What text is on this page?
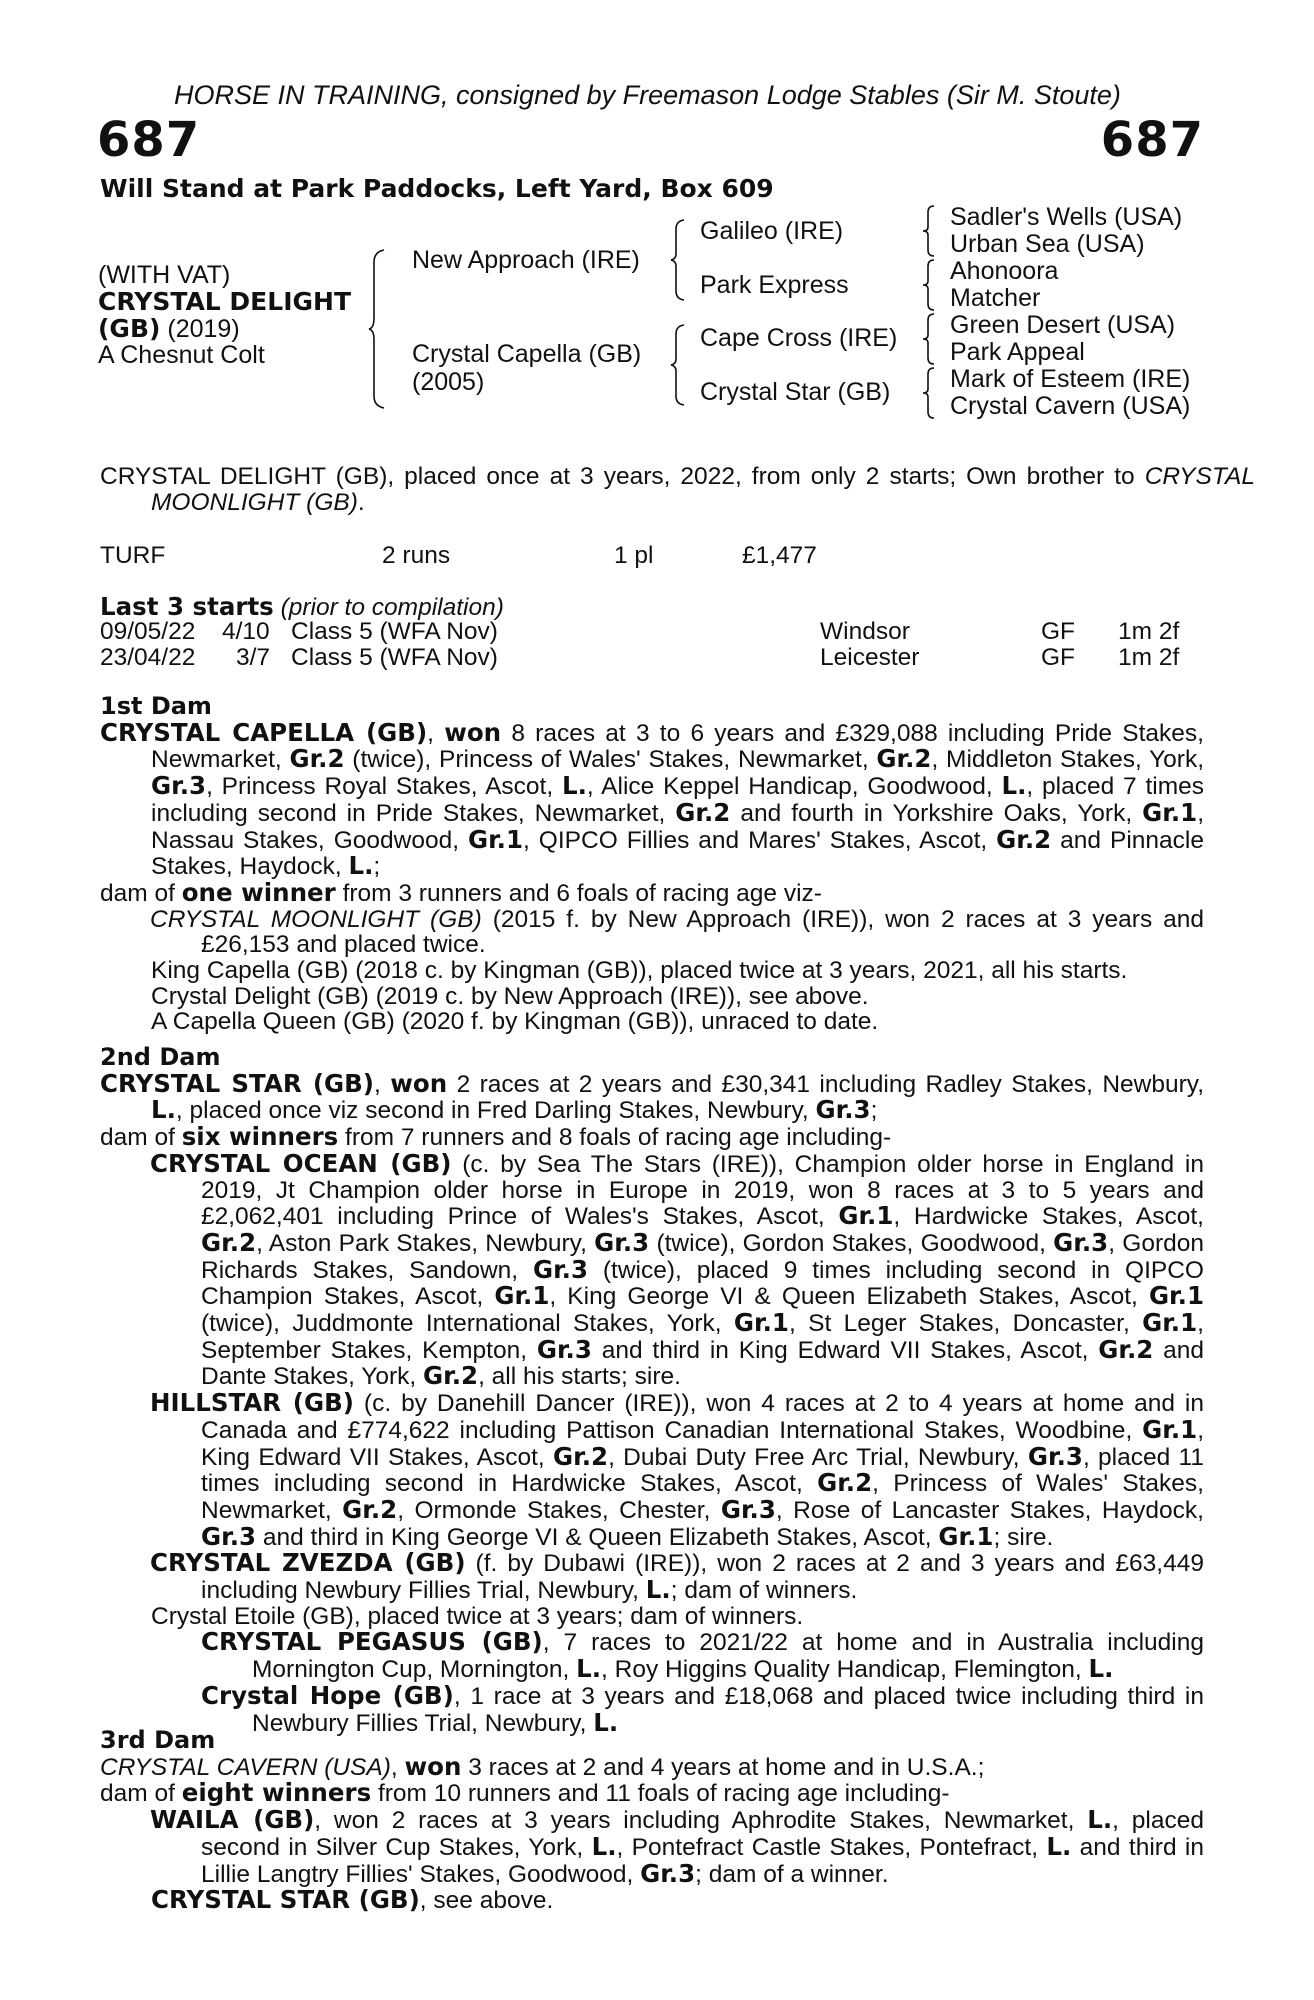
HORSE IN TRAINING, consigned by Freemason Lodge Stables (Sir M. Stoute)
687	687
Will Stand at Park Paddocks, Left Yard, Box 609
(WITH VAT)
CRYSTAL DELIGHT
(GB) (2019)
A Chesnut Colt
New Approach (IRE)
Crystal Capella (GB)
(2005)
Galileo (IRE)
Park Express
Cape Cross (IRE)
Crystal Star (GB)
Sadler's Wells (USA)
Urban Sea (USA)
Ahonoora
Matcher
Green Desert (USA)
Park Appeal
Mark of Esteem (IRE)
Crystal Cavern (USA)
CRYSTAL DELIGHT (GB), placed once at 3 years, 2022, from only 2 starts; Own brother to CRYSTAL MOONLIGHT (GB).
TURF	2 runs	1 pl	£1,477
Last 3 starts (prior to compilation)
09/05/22 4/10 Class 5 (WFA Nov)	Windsor	GF 1m 2f
23/04/22 3/7 Class 5 (WFA Nov)	Leicester	GF 1m 2f
1st Dam
CRYSTAL CAPELLA (GB), won 8 races at 3 to 6 years and £329,088 including Pride Stakes, Newmarket, Gr.2 (twice), Princess of Wales' Stakes, Newmarket, Gr.2, Middleton Stakes, York, Gr.3, Princess Royal Stakes, Ascot, L., Alice Keppel Handicap, Goodwood, L., placed 7 times including second in Pride Stakes, Newmarket, Gr.2 and fourth in Yorkshire Oaks, York, Gr.1, Nassau Stakes, Goodwood, Gr.1, QIPCO Fillies and Mares' Stakes, Ascot, Gr.2 and Pinnacle Stakes, Haydock, L.;
dam of one winner from 3 runners and 6 foals of racing age viz-
CRYSTAL MOONLIGHT (GB) (2015 f. by New Approach (IRE)), won 2 races at 3 years and £26,153 and placed twice.
King Capella (GB) (2018 c. by Kingman (GB)), placed twice at 3 years, 2021, all his starts.
Crystal Delight (GB) (2019 c. by New Approach (IRE)), see above.
A Capella Queen (GB) (2020 f. by Kingman (GB)), unraced to date.
2nd Dam
CRYSTAL STAR (GB), won 2 races at 2 years and £30,341 including Radley Stakes, Newbury, L., placed once viz second in Fred Darling Stakes, Newbury, Gr.3;
dam of six winners from 7 runners and 8 foals of racing age including-
CRYSTAL OCEAN (GB) (c. by Sea The Stars (IRE)), Champion older horse in England in 2019, Jt Champion older horse in Europe in 2019, won 8 races at 3 to 5 years and £2,062,401 including Prince of Wales's Stakes, Ascot, Gr.1, Hardwicke Stakes, Ascot, Gr.2, Aston Park Stakes, Newbury, Gr.3 (twice), Gordon Stakes, Goodwood, Gr.3, Gordon Richards Stakes, Sandown, Gr.3 (twice), placed 9 times including second in QIPCO Champion Stakes, Ascot, Gr.1, King George VI & Queen Elizabeth Stakes, Ascot, Gr.1 (twice), Juddmonte International Stakes, York, Gr.1, St Leger Stakes, Doncaster, Gr.1, September Stakes, Kempton, Gr.3 and third in King Edward VII Stakes, Ascot, Gr.2 and Dante Stakes, York, Gr.2, all his starts; sire.
HILLSTAR (GB) (c. by Danehill Dancer (IRE)), won 4 races at 2 to 4 years at home and in Canada and £774,622 including Pattison Canadian International Stakes, Woodbine, Gr.1, King Edward VII Stakes, Ascot, Gr.2, Dubai Duty Free Arc Trial, Newbury, Gr.3, placed 11 times including second in Hardwicke Stakes, Ascot, Gr.2, Princess of Wales' Stakes, Newmarket, Gr.2, Ormonde Stakes, Chester, Gr.3, Rose of Lancaster Stakes, Haydock, Gr.3 and third in King George VI & Queen Elizabeth Stakes, Ascot, Gr.1; sire.
CRYSTAL ZVEZDA (GB) (f. by Dubawi (IRE)), won 2 races at 2 and 3 years and £63,449 including Newbury Fillies Trial, Newbury, L.; dam of winners.
Crystal Etoile (GB), placed twice at 3 years; dam of winners.
CRYSTAL PEGASUS (GB), 7 races to 2021/22 at home and in Australia including Mornington Cup, Mornington, L., Roy Higgins Quality Handicap, Flemington, L.
Crystal Hope (GB), 1 race at 3 years and £18,068 and placed twice including third in Newbury Fillies Trial, Newbury, L.
3rd Dam
CRYSTAL CAVERN (USA), won 3 races at 2 and 4 years at home and in U.S.A.;
dam of eight winners from 10 runners and 11 foals of racing age including-
WAILA (GB), won 2 races at 3 years including Aphrodite Stakes, Newmarket, L., placed second in Silver Cup Stakes, York, L., Pontefract Castle Stakes, Pontefract, L. and third in Lillie Langtry Fillies' Stakes, Goodwood, Gr.3; dam of a winner.
CRYSTAL STAR (GB), see above.
